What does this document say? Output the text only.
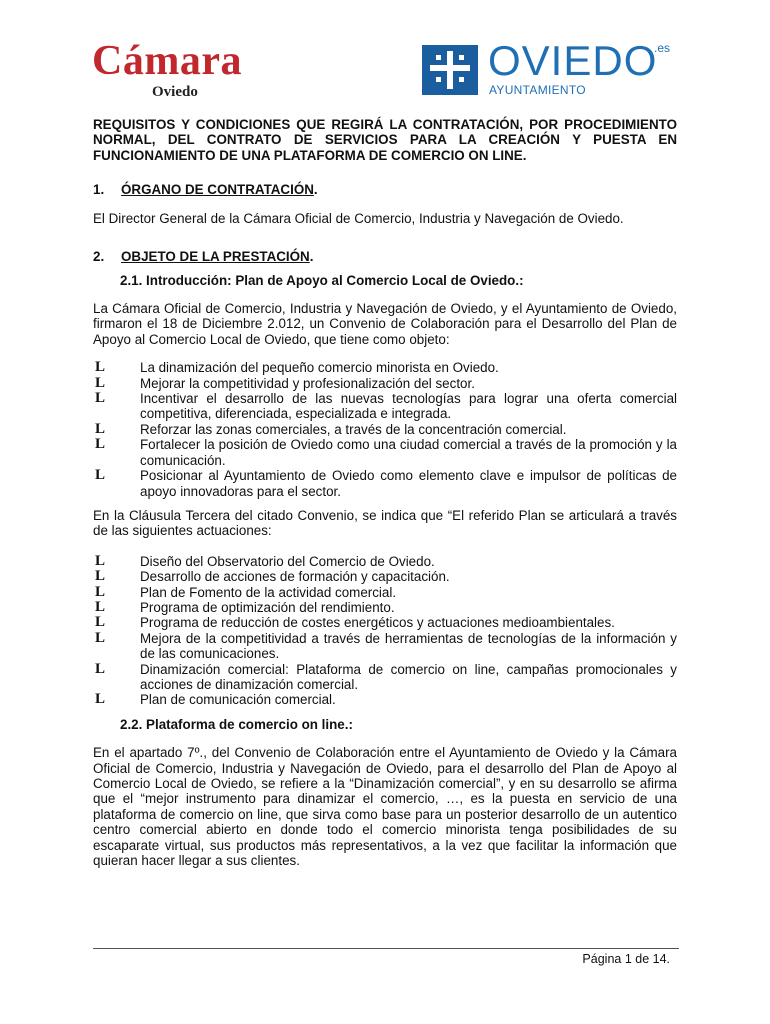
Cámara
Oviedo
OVIEDO
.es
AYUNTAMIENTO

REQUISITOS Y CONDICIONES QUE REGIRÁ LA CONTRATACIÓN, POR PROCEDIMIENTO NORMAL, DEL CONTRATO DE SERVICIOS PARA LA CREACIÓN Y PUESTA EN FUNCIONAMIENTO DE UNA PLATAFORMA DE COMERCIO ON LINE.

1.	ÓRGANO DE CONTRATACIÓN.

El Director General de la Cámara Oficial de Comercio, Industria y Navegación de Oviedo.

2.	OBJETO DE LA PRESTACIÓN.

2.1. Introducción: Plan de Apoyo al Comercio Local de Oviedo.:

La Cámara Oficial de Comercio, Industria y Navegación de Oviedo, y el Ayuntamiento de Oviedo, firmaron el 18 de Diciembre 2.012, un Convenio de Colaboración para el Desarrollo del Plan de Apoyo al Comercio Local de Oviedo, que tiene como objeto:

L	La dinamización del pequeño comercio minorista en Oviedo.
L	Mejorar la competitividad y profesionalización del sector.
L	Incentivar el desarrollo de las nuevas tecnologías para lograr una oferta comercial competitiva, diferenciada, especializada e integrada.
L	Reforzar las zonas comerciales, a través de la concentración comercial.
L	Fortalecer la posición de Oviedo como una ciudad comercial a través de la promoción y la comunicación.
L	Posicionar al Ayuntamiento de Oviedo como elemento clave e impulsor de políticas de apoyo innovadoras para el sector.

En la Cláusula Tercera del citado Convenio, se indica que “El referido Plan se articulará a través de las siguientes actuaciones:

L	Diseño del Observatorio del Comercio de Oviedo.
L	Desarrollo de acciones de formación y capacitación.
L	Plan de Fomento de la actividad comercial.
L	Programa de optimización del rendimiento.
L	Programa de reducción de costes energéticos y actuaciones medioambientales.
L	Mejora de la competitividad a través de herramientas de tecnologías de la información y de las comunicaciones.
L	Dinamización comercial: Plataforma de comercio on line, campañas promocionales y acciones de dinamización comercial.
L	Plan de comunicación comercial.

2.2. Plataforma de comercio on line.:

En el apartado 7º., del Convenio de Colaboración entre el Ayuntamiento de Oviedo y la Cámara Oficial de Comercio, Industria y Navegación de Oviedo, para el desarrollo del Plan de Apoyo al Comercio Local de Oviedo, se refiere a la “Dinamización comercial”, y en su desarrollo se afirma que el “mejor instrumento para dinamizar el comercio, …, es la puesta en servicio de una plataforma de comercio on line, que sirva como base para un posterior desarrollo de un autentico centro comercial abierto en donde todo el comercio minorista tenga posibilidades de su escaparate virtual, sus productos más representativos, a la vez que facilitar la información que quieran hacer llegar a sus clientes.

Página 1 de 14.
